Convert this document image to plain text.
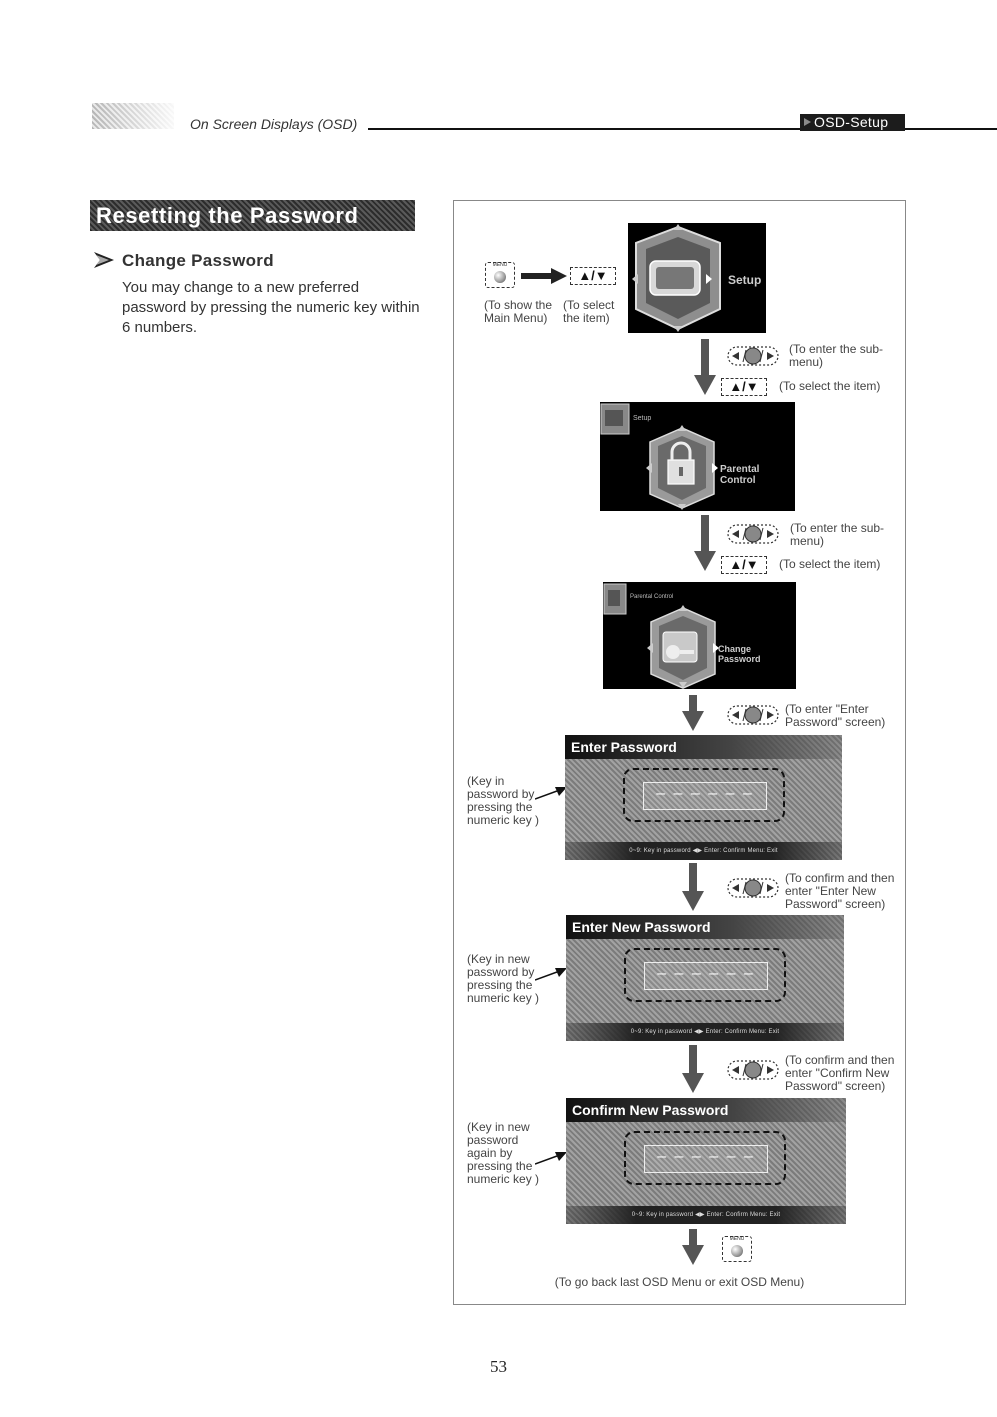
On Screen Displays (OSD)	OSD-Setup
Resetting the Password
Change Password
You may change to a new preferred password by pressing the numeric key within 6 numbers.
MENU
▲/▼
(To show the Main Menu)
(To select the item)
Setup
(To enter the sub-menu)
▲/▼	(To select the item)
Setup
Parental Control
(To enter the sub-menu)
▲/▼	(To select the item)
Parental Control
Change Password
(To enter "Enter Password" screen)
(Key in password by pressing the numeric key )
Enter Password
– – – – – –
0~9: Key in password ◀▶ Enter: Confirm Menu: Exit
(To confirm and then enter "Enter New Password" screen)
(Key in new password by pressing the numeric key )
Enter New Password
– – – – – –
0~9: Key in password ◀▶ Enter: Confirm Menu: Exit
(To confirm and then enter "Confirm New Password" screen)
(Key in new password again by pressing the numeric key )
Confirm New Password
– – – – – –
0~9: Key in password ◀▶ Enter: Confirm Menu: Exit
MENU
(To go back last OSD Menu or exit OSD Menu)
53
